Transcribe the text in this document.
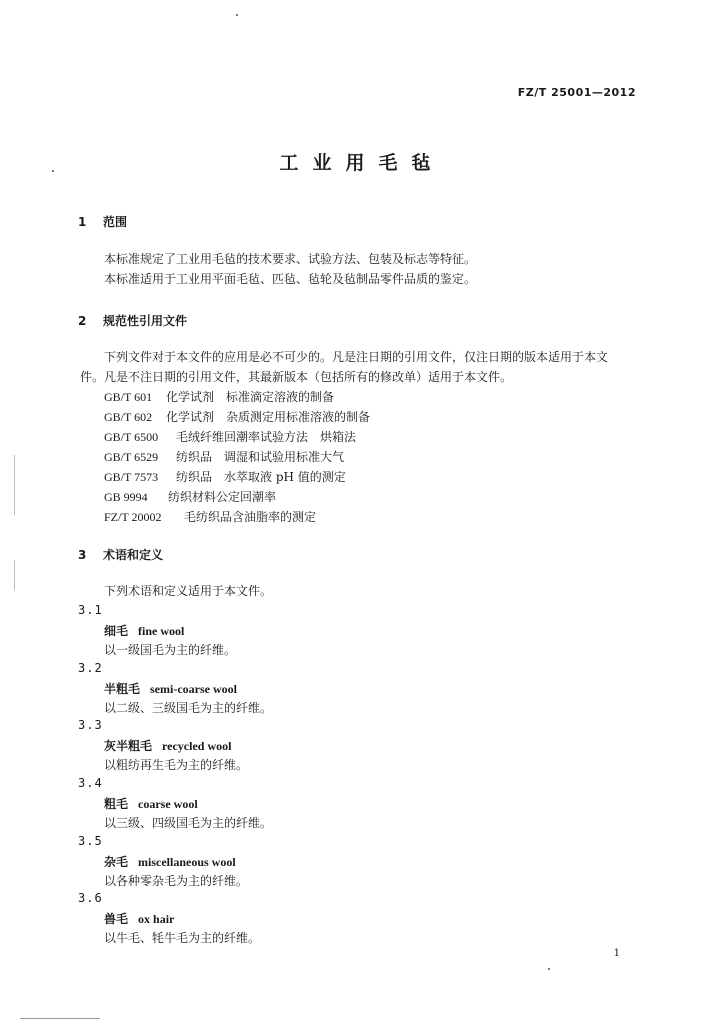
FZ/T 25001—2012
工业用毛毡
1 范围
本标准规定了工业用毛毡的技术要求、试验方法、包装及标志等特征。
本标准适用于工业用平面毛毡、匹毡、毡轮及毡制品零件品质的鉴定。
2 规范性引用文件
下列文件对于本文件的应用是必不可少的。凡是注日期的引用文件，仅注日期的版本适用于本文
件。凡是不注日期的引用文件，其最新版本（包括所有的修改单）适用于本文件。
GB/T 601 化学试剂　标准滴定溶液的制备
GB/T 602 化学试剂　杂质测定用标准溶液的制备
GB/T 6500 毛绒纤维回潮率试验方法　烘箱法
GB/T 6529 纺织品　调湿和试验用标准大气
GB/T 7573 纺织品　水萃取液 pH 值的测定
GB 9994 纺织材料公定回潮率
FZ/T 20002 毛纺织品含油脂率的测定
3 术语和定义
下列术语和定义适用于本文件。
3.1
细毛 fine wool
以一级国毛为主的纤维。
3.2
半粗毛 semi-coarse wool
以二级、三级国毛为主的纤维。
3.3
灰半粗毛 recycled wool
以粗纺再生毛为主的纤维。
3.4
粗毛 coarse wool
以三级、四级国毛为主的纤维。
3.5
杂毛 miscellaneous wool
以各种零杂毛为主的纤维。
3.6
兽毛 ox hair
以牛毛、牦牛毛为主的纤维。
1
